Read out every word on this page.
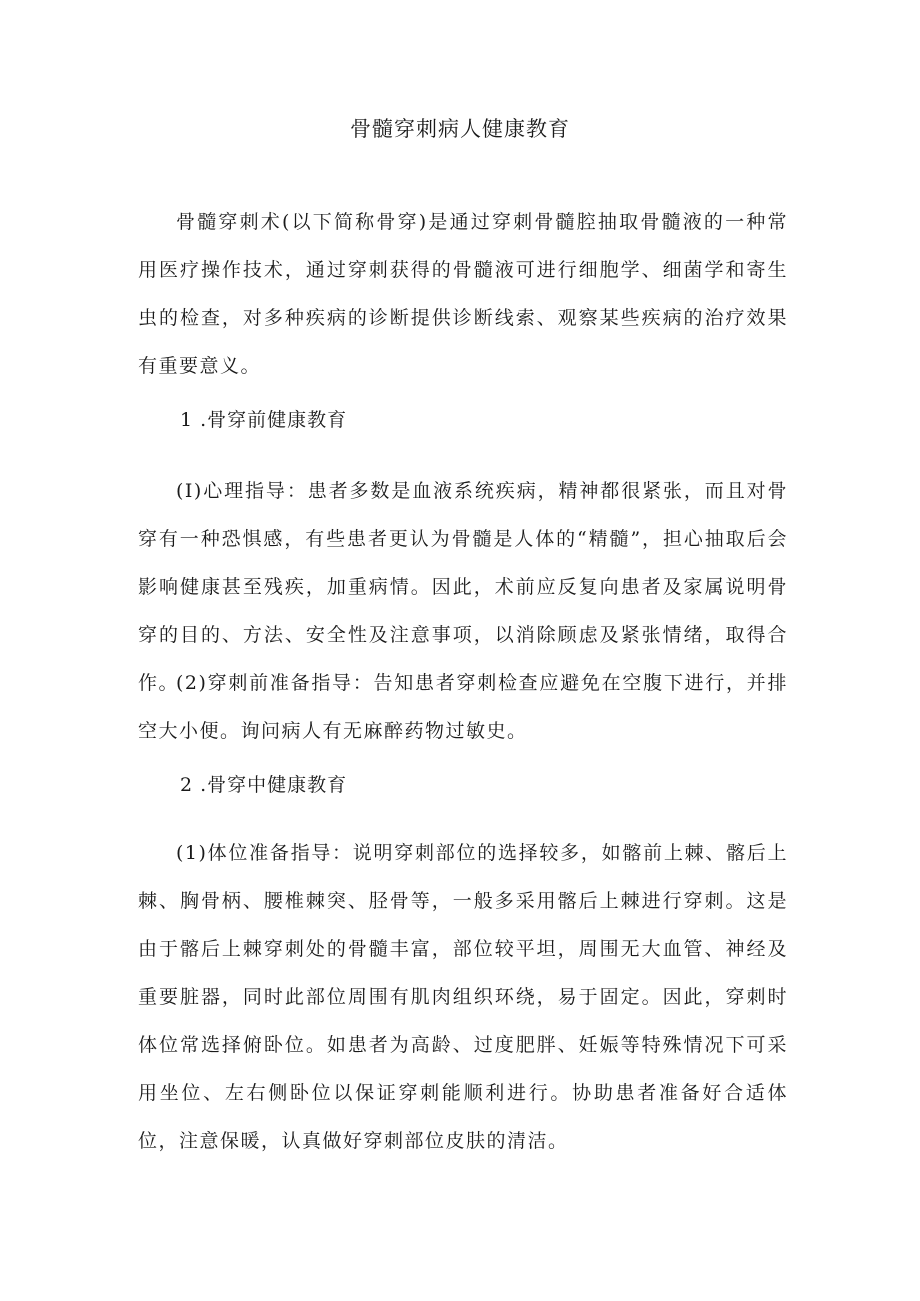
骨髓穿刺病人健康教育

骨髓穿刺术(以下简称骨穿)是通过穿刺骨髓腔抽取骨髓液的一种常用医疗操作技术，通过穿刺获得的骨髓液可进行细胞学、细菌学和寄生虫的检查，对多种疾病的诊断提供诊断线索、观察某些疾病的治疗效果有重要意义。

1 .骨穿前健康教育

(I)心理指导：患者多数是血液系统疾病，精神都很紧张，而且对骨穿有一种恐惧感，有些患者更认为骨髓是人体的“精髓”，担心抽取后会影响健康甚至残疾，加重病情。因此，术前应反复向患者及家属说明骨穿的目的、方法、安全性及注意事项，以消除顾虑及紧张情绪，取得合作。

(2)穿刺前准备指导：告知患者穿刺检查应避免在空腹下进行，并排空大小便。询问病人有无麻醉药物过敏史。

2 .骨穿中健康教育

(1)体位准备指导：说明穿刺部位的选择较多，如髂前上棘、髂后上棘、胸骨柄、腰椎棘突、胫骨等，一般多采用髂后上棘进行穿刺。这是由于髂后上棘穿刺处的骨髓丰富，部位较平坦，周围无大血管、神经及重要脏器，同时此部位周围有肌肉组织环绕，易于固定。因此，穿刺时体位常选择俯卧位。如患者为高龄、过度肥胖、妊娠等特殊情况下可采用坐位、左右侧卧位以保证穿刺能顺利进行。协助患者准备好合适体位，注意保暖，认真做好穿刺部位皮肤的清洁。
